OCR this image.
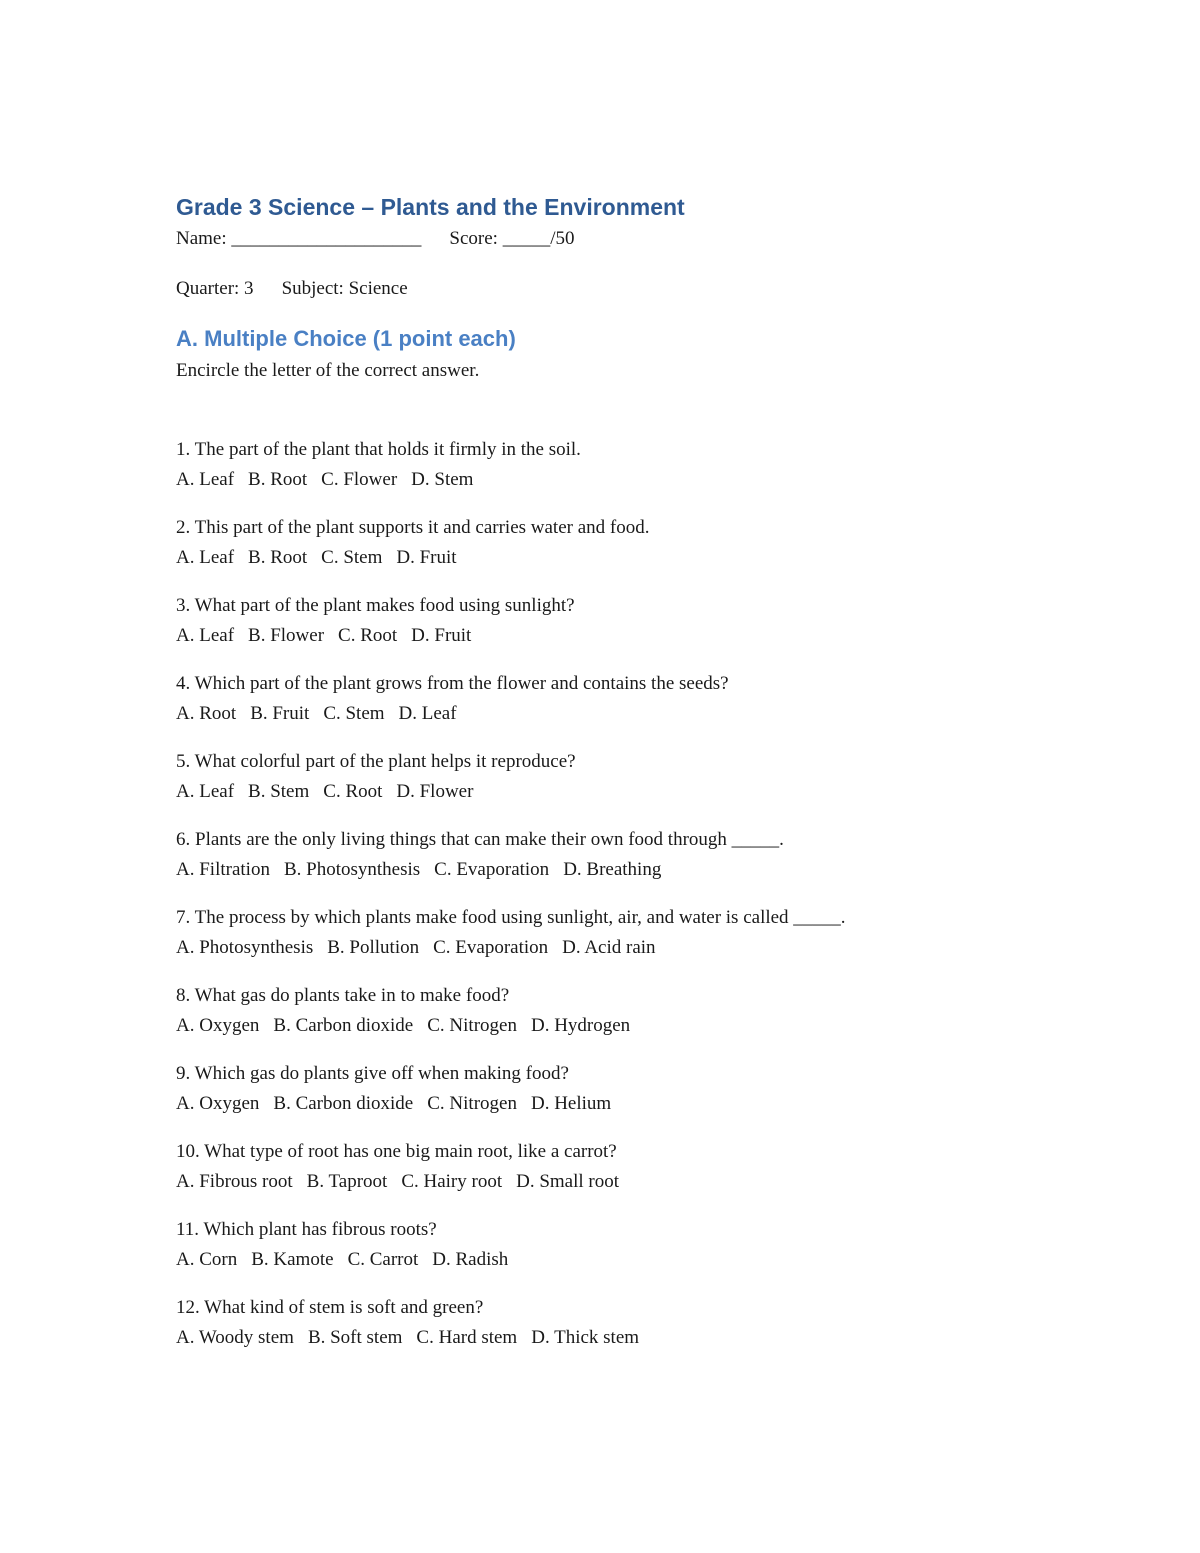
Grade 3 Science – Plants and the Environment
Name: ____________________ Score: _____/50
Quarter: 3 Subject: Science
A. Multiple Choice (1 point each)
Encircle the letter of the correct answer.
1. The part of the plant that holds it firmly in the soil.
A. Leaf B. Root C. Flower D. Stem
2. This part of the plant supports it and carries water and food.
A. Leaf B. Root C. Stem D. Fruit
3. What part of the plant makes food using sunlight?
A. Leaf B. Flower C. Root D. Fruit
4. Which part of the plant grows from the flower and contains the seeds?
A. Root B. Fruit C. Stem D. Leaf
5. What colorful part of the plant helps it reproduce?
A. Leaf B. Stem C. Root D. Flower
6. Plants are the only living things that can make their own food through _____.
A. Filtration B. Photosynthesis C. Evaporation D. Breathing
7. The process by which plants make food using sunlight, air, and water is called _____.
A. Photosynthesis B. Pollution C. Evaporation D. Acid rain
8. What gas do plants take in to make food?
A. Oxygen B. Carbon dioxide C. Nitrogen D. Hydrogen
9. Which gas do plants give off when making food?
A. Oxygen B. Carbon dioxide C. Nitrogen D. Helium
10. What type of root has one big main root, like a carrot?
A. Fibrous root B. Taproot C. Hairy root D. Small root
11. Which plant has fibrous roots?
A. Corn B. Kamote C. Carrot D. Radish
12. What kind of stem is soft and green?
A. Woody stem B. Soft stem C. Hard stem D. Thick stem
